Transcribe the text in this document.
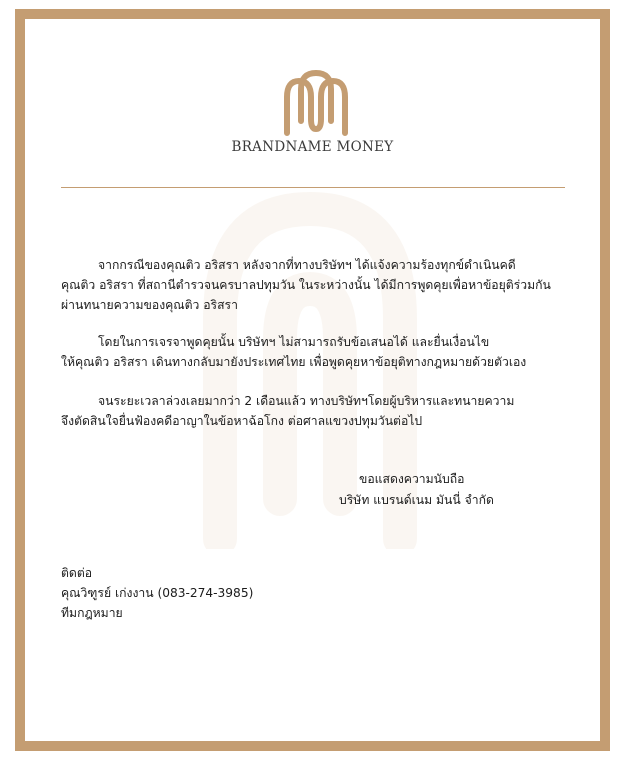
BRANDNAME MONEY
จากกรณีของคุณติว อริสรา หลังจากที่ทางบริษัทฯ ได้แจ้งความร้องทุกข์ดำเนินคดี
คุณติว อริสรา ที่สถานีตำรวจนครบาลปทุมวัน ในระหว่างนั้น ได้มีการพูดคุยเพื่อหาข้อยุติร่วมกัน
ผ่านทนายความของคุณติว อริสรา
โดยในการเจรจาพูดคุยนั้น บริษัทฯ ไม่สามารถรับข้อเสนอได้ และยื่นเงื่อนไข
ให้คุณติว อริสรา เดินทางกลับมายังประเทศไทย เพื่อพูดคุยหาข้อยุติทางกฎหมายด้วยตัวเอง
จนระยะเวลาล่วงเลยมากว่า 2 เดือนแล้ว ทางบริษัทฯโดยผู้บริหารและทนายความ
จึงตัดสินใจยื่นฟ้องคดีอาญาในข้อหาฉ้อโกง ต่อศาลแขวงปทุมวันต่อไป
ขอแสดงความนับถือ
บริษัท แบรนด์เนม มันนี่ จำกัด
ติดต่อ
คุณวิฑูรย์ เก่งงาน (083-274-3985)
ทีมกฎหมาย
